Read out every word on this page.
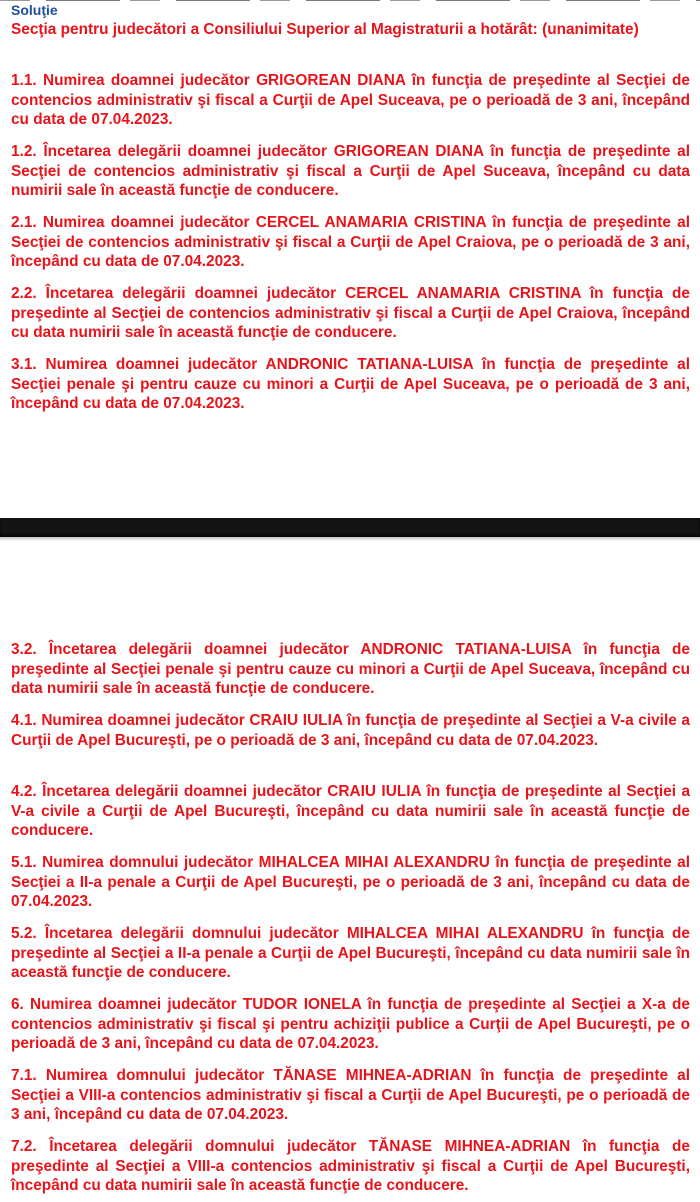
Soluţie

Secţia pentru judecători a Consiliului Superior al Magistraturii a hotărât: (unanimitate)

1.1. Numirea doamnei judecător GRIGOREAN DIANA în funcţia de preşedinte al Secţiei de contencios administrativ şi fiscal a Curţii de Apel Suceava, pe o perioadă de 3 ani, începând cu data de 07.04.2023.

1.2. Încetarea delegării doamnei judecător GRIGOREAN DIANA în funcţia de preşedinte al Secţiei de contencios administrativ şi fiscal a Curţii de Apel Suceava, începând cu data numirii sale în această funcţie de conducere.

2.1. Numirea doamnei judecător CERCEL ANAMARIA CRISTINA în funcţia de preşedinte al Secţiei de contencios administrativ şi fiscal a Curţii de Apel Craiova, pe o perioadă de 3 ani, începând cu data de 07.04.2023.

2.2. Încetarea delegării doamnei judecător CERCEL ANAMARIA CRISTINA în funcţia de preşedinte al Secţiei de contencios administrativ şi fiscal a Curţii de Apel Craiova, începând cu data numirii sale în această funcţie de conducere.

3.1. Numirea doamnei judecător ANDRONIC TATIANA-LUISA în funcţia de preşedinte al Secţiei penale şi pentru cauze cu minori a Curţii de Apel Suceava, pe o perioadă de 3 ani, începând cu data de 07.04.2023.

3.2. Încetarea delegării doamnei judecător ANDRONIC TATIANA-LUISA în funcţia de preşedinte al Secţiei penale şi pentru cauze cu minori a Curţii de Apel Suceava, începând cu data numirii sale în această funcţie de conducere.

4.1. Numirea doamnei judecător CRAIU IULIA în funcţia de preşedinte al Secţiei a V-a civile a Curţii de Apel Bucureşti, pe o perioadă de 3 ani, începând cu data de 07.04.2023.

4.2. Încetarea delegării doamnei judecător CRAIU IULIA în funcţia de preşedinte al Secţiei a V-a civile a Curţii de Apel Bucureşti, începând cu data numirii sale în această funcţie de conducere.

5.1. Numirea domnului judecător MIHALCEA MIHAI ALEXANDRU în funcţia de preşedinte al Secţiei a II-a penale a Curţii de Apel Bucureşti, pe o perioadă de 3 ani, începând cu data de 07.04.2023.

5.2. Încetarea delegării domnului judecător MIHALCEA MIHAI ALEXANDRU în funcţia de preşedinte al Secţiei a II-a penale a Curţii de Apel Bucureşti, începând cu data numirii sale în această funcţie de conducere.

6. Numirea doamnei judecător TUDOR IONELA în funcţia de preşedinte al Secţiei a X-a de contencios administrativ şi fiscal şi pentru achiziţii publice a Curţii de Apel Bucureşti, pe o perioadă de 3 ani, începând cu data de 07.04.2023.

7.1. Numirea domnului judecător TĂNASE MIHNEA-ADRIAN în funcţia de preşedinte al Secţiei a VIII-a contencios administrativ şi fiscal a Curţii de Apel Bucureşti, pe o perioadă de 3 ani, începând cu data de 07.04.2023.

7.2. Încetarea delegării domnului judecător TĂNASE MIHNEA-ADRIAN în funcţia de preşedinte al Secţiei a VIII-a contencios administrativ şi fiscal a Curţii de Apel Bucureşti, începând cu data numirii sale în această funcţie de conducere.
